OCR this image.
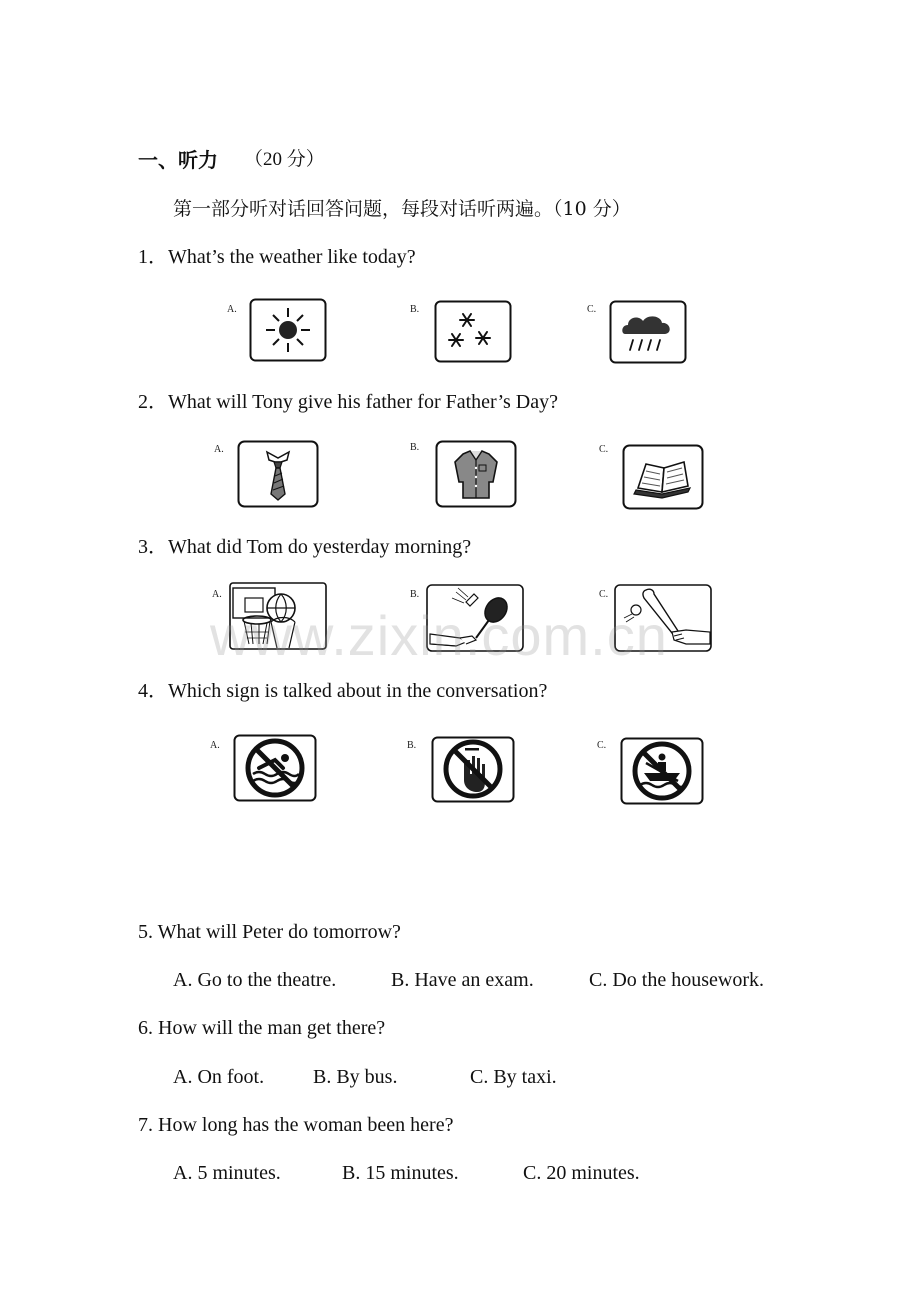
一、听力 （20 分）
第一部分听对话回答问题，每段对话听两遍。（10 分）
1．What’s the weather like today?
A.	B.	C.
2．What will Tony give his father for Father’s Day?
A.	B.	C.
3．What did Tom do yesterday morning?
A.	B.	C.
4．Which sign is talked about in the conversation?
A.	B.	C.
www.zixin.com.cn
5. What will Peter do tomorrow?
A. Go to the theatre.	B. Have an exam.	C. Do the housework.
6. How will the man get there?
A. On foot. B. By bus.	C. By taxi.
7. How long has the woman been here?
A. 5 minutes.	B. 15 minutes.	C. 20 minutes.
